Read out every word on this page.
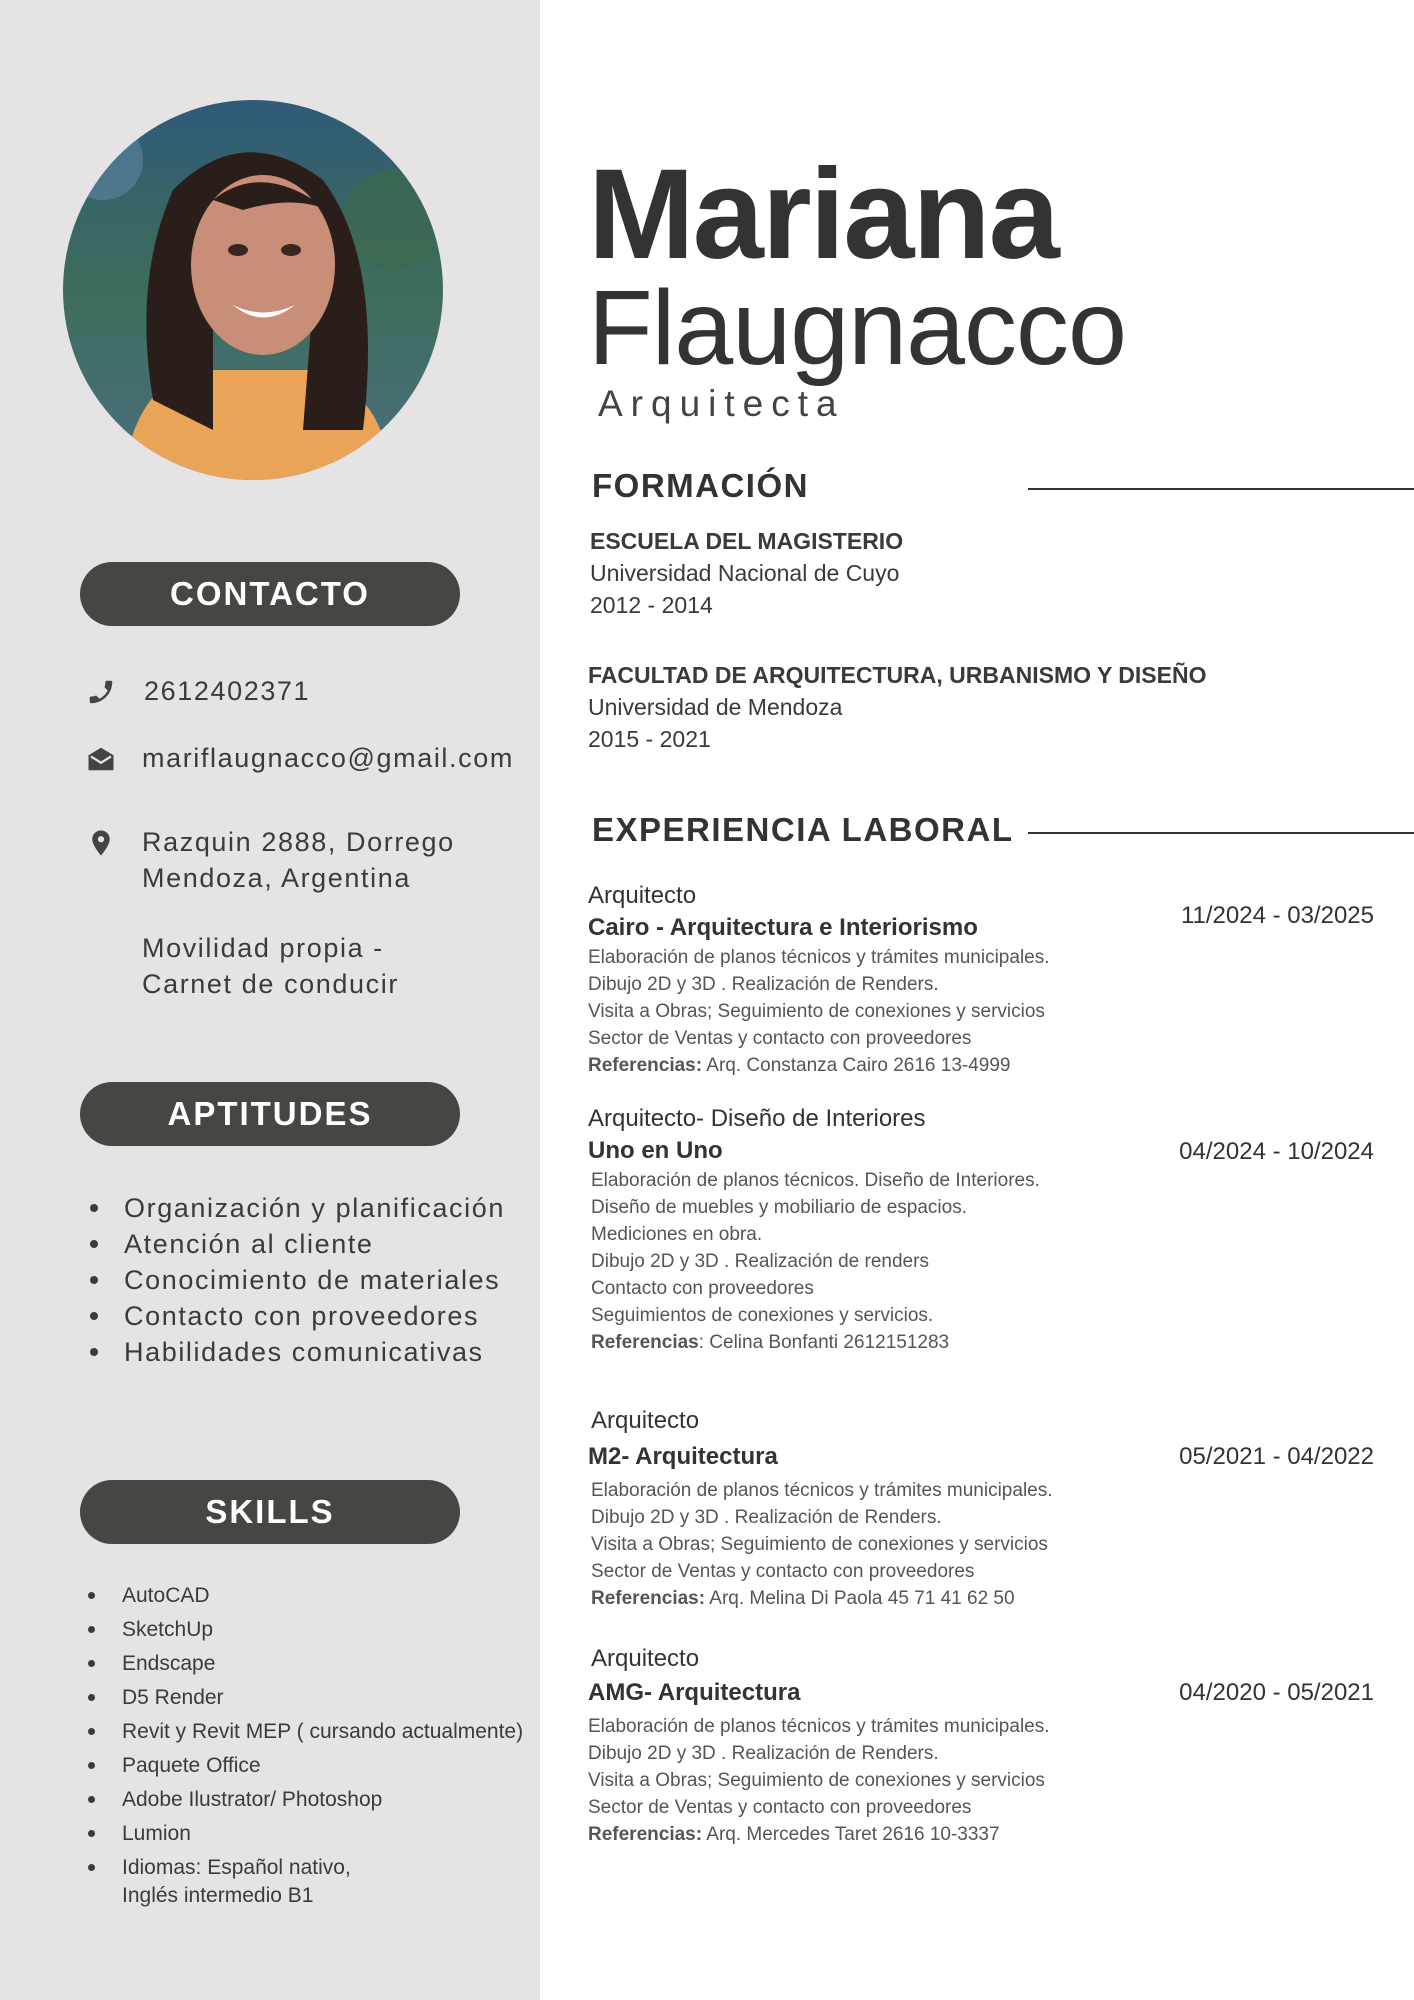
CONTACTO
2612402371
mariflaugnacco@gmail.com
Razquin 2888, Dorrego
Mendoza, Argentina
Movilidad propia -
Carnet de conducir
APTITUDES
Organización y planificación
Atención al cliente
Conocimiento de materiales
Contacto con proveedores
Habilidades comunicativas
SKILLS
AutoCAD
SketchUp
Endscape
D5 Render
Revit y Revit MEP ( cursando actualmente)
Paquete Office
Adobe Ilustrator/ Photoshop
Lumion
Idiomas: Español nativo,
Inglés intermedio B1
Mariana
Flaugnacco
Arquitecta
FORMACIÓN
ESCUELA DEL MAGISTERIO
Universidad Nacional de Cuyo
2012 - 2014
FACULTAD DE ARQUITECTURA, URBANISMO Y DISEÑO
Universidad de Mendoza
2015 - 2021
EXPERIENCIA LABORAL
Arquitecto
Cairo - Arquitectura e Interiorismo	11/2024 - 03/2025
Elaboración de planos técnicos y trámites municipales.
Dibujo 2D y 3D . Realización de Renders.
Visita a Obras; Seguimiento de conexiones y servicios
Sector de Ventas y contacto con proveedores
Referencias: Arq. Constanza Cairo 2616 13-4999
Arquitecto- Diseño de Interiores
Uno en Uno	04/2024 - 10/2024
Elaboración de planos técnicos. Diseño de Interiores.
Diseño de muebles y mobiliario de espacios.
Mediciones en obra.
Dibujo 2D y 3D . Realización de renders
Contacto con proveedores
Seguimientos de conexiones y servicios.
Referencias: Celina Bonfanti 2612151283
Arquitecto
M2- Arquitectura	05/2021 - 04/2022
Elaboración de planos técnicos y trámites municipales.
Dibujo 2D y 3D . Realización de Renders.
Visita a Obras; Seguimiento de conexiones y servicios
Sector de Ventas y contacto con proveedores
Referencias: Arq. Melina Di Paola 45 71 41 62 50
Arquitecto
AMG- Arquitectura	04/2020 - 05/2021
Elaboración de planos técnicos y trámites municipales.
Dibujo 2D y 3D . Realización de Renders.
Visita a Obras; Seguimiento de conexiones y servicios
Sector de Ventas y contacto con proveedores
Referencias: Arq. Mercedes Taret 2616 10-3337
